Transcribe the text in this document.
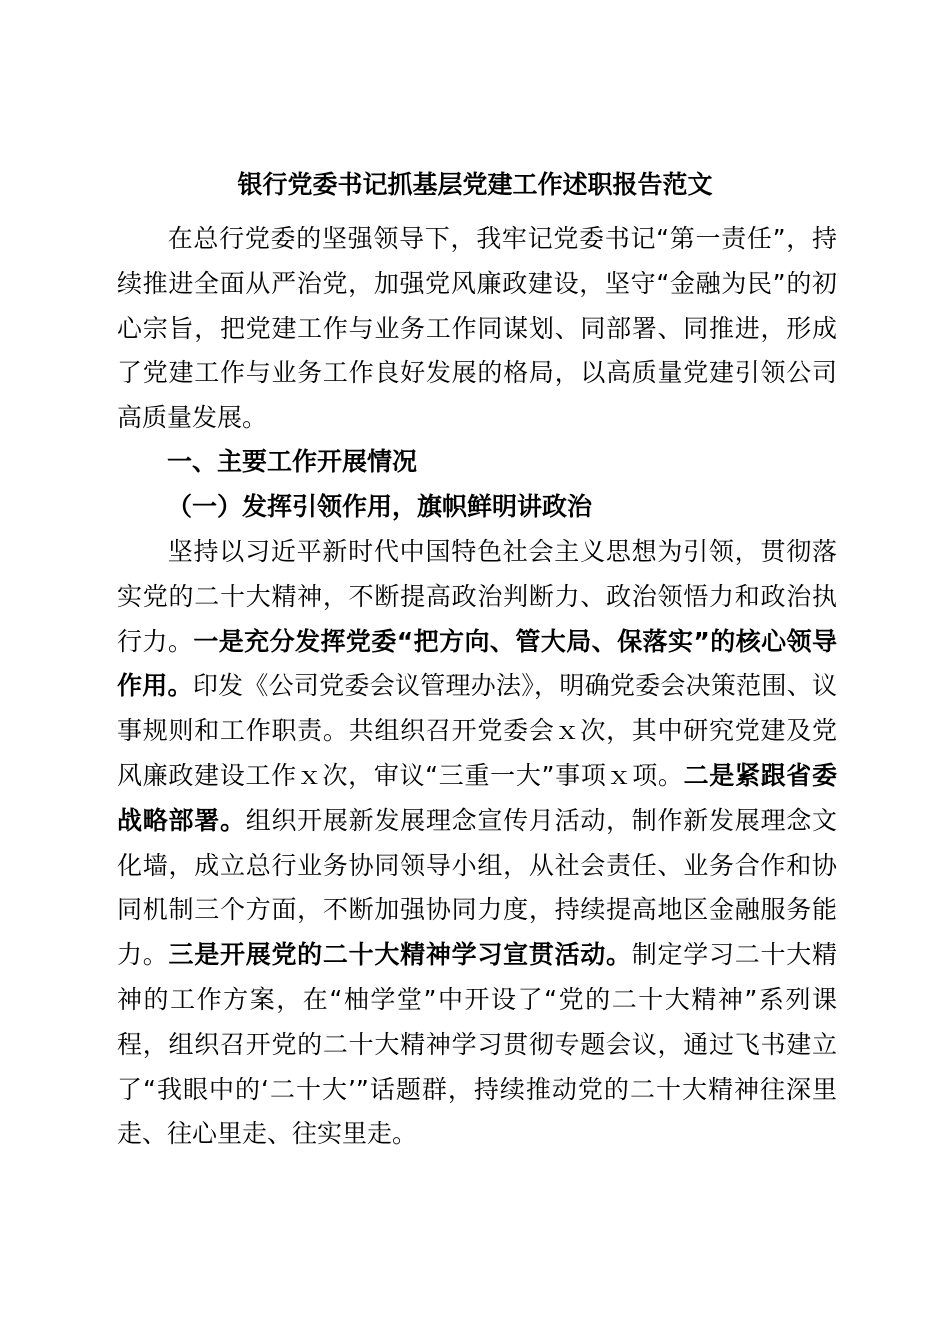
银行党委书记抓基层党建工作述职报告范文

在总行党委的坚强领导下，我牢记党委书记“第一责任”，持续推进全面从严治党，加强党风廉政建设，坚守“金融为民”的初心宗旨，把党建工作与业务工作同谋划、同部署、同推进，形成了党建工作与业务工作良好发展的格局，以高质量党建引领公司高质量发展。

一、主要工作开展情况
（一）发挥引领作用，旗帜鲜明讲政治

坚持以习近平新时代中国特色社会主义思想为引领，贯彻落实党的二十大精神，不断提高政治判断力、政治领悟力和政治执行力。一是充分发挥党委“把方向、管大局、保落实”的核心领导作用。印发《公司党委会议管理办法》，明确党委会决策范围、议事规则和工作职责。共组织召开党委会ｘ次，其中研究党建及党风廉政建设工作ｘ次，审议“三重一大”事项ｘ项。二是紧跟省委战略部署。组织开展新发展理念宣传月活动，制作新发展理念文化墙，成立总行业务协同领导小组，从社会责任、业务合作和协同机制三个方面，不断加强协同力度，持续提高地区金融服务能力。三是开展党的二十大精神学习宣贯活动。制定学习二十大精神的工作方案，在“柚学堂”中开设了“党的二十大精神”系列课程，组织召开党的二十大精神学习贯彻专题会议，通过飞书建立了“我眼中的‘二十大’”话题群，持续推动党的二十大精神往深里走、往心里走、往实里走。
